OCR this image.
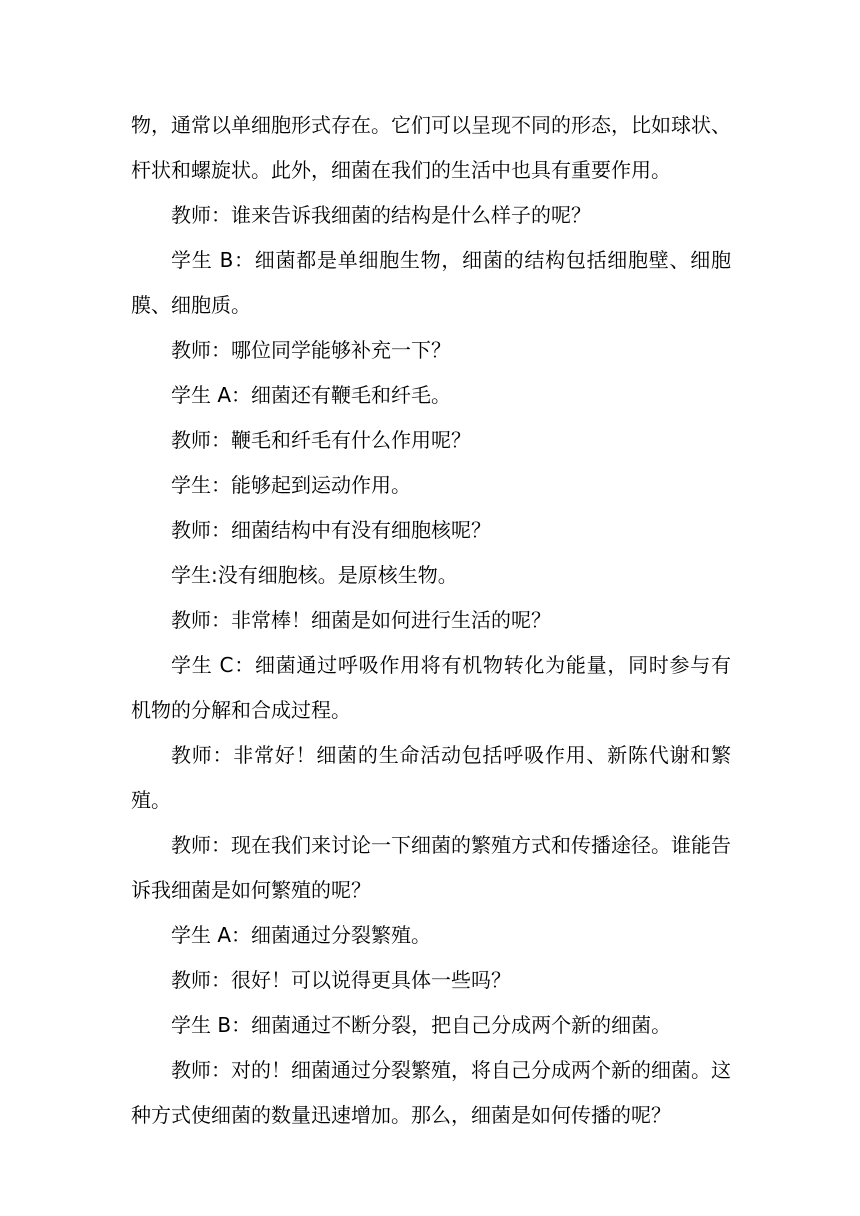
物，通常以单细胞形式存在。它们可以呈现不同的形态，比如球状、杆状和螺旋状。此外，细菌在我们的生活中也具有重要作用。

教师：谁来告诉我细菌的结构是什么样子的呢？

学生 B：细菌都是单细胞生物，细菌的结构包括细胞壁、细胞膜、细胞质。

教师：哪位同学能够补充一下？

学生 A：细菌还有鞭毛和纤毛。

教师：鞭毛和纤毛有什么作用呢？

学生：能够起到运动作用。

教师：细菌结构中有没有细胞核呢？

学生:没有细胞核。是原核生物。

教师：非常棒！细菌是如何进行生活的呢？

学生 C：细菌通过呼吸作用将有机物转化为能量，同时参与有机物的分解和合成过程。

教师：非常好！细菌的生命活动包括呼吸作用、新陈代谢和繁殖。

教师：现在我们来讨论一下细菌的繁殖方式和传播途径。谁能告诉我细菌是如何繁殖的呢？

学生 A：细菌通过分裂繁殖。

教师：很好！可以说得更具体一些吗？

学生 B：细菌通过不断分裂，把自己分成两个新的细菌。

教师：对的！细菌通过分裂繁殖，将自己分成两个新的细菌。这种方式使细菌的数量迅速增加。那么，细菌是如何传播的呢？
